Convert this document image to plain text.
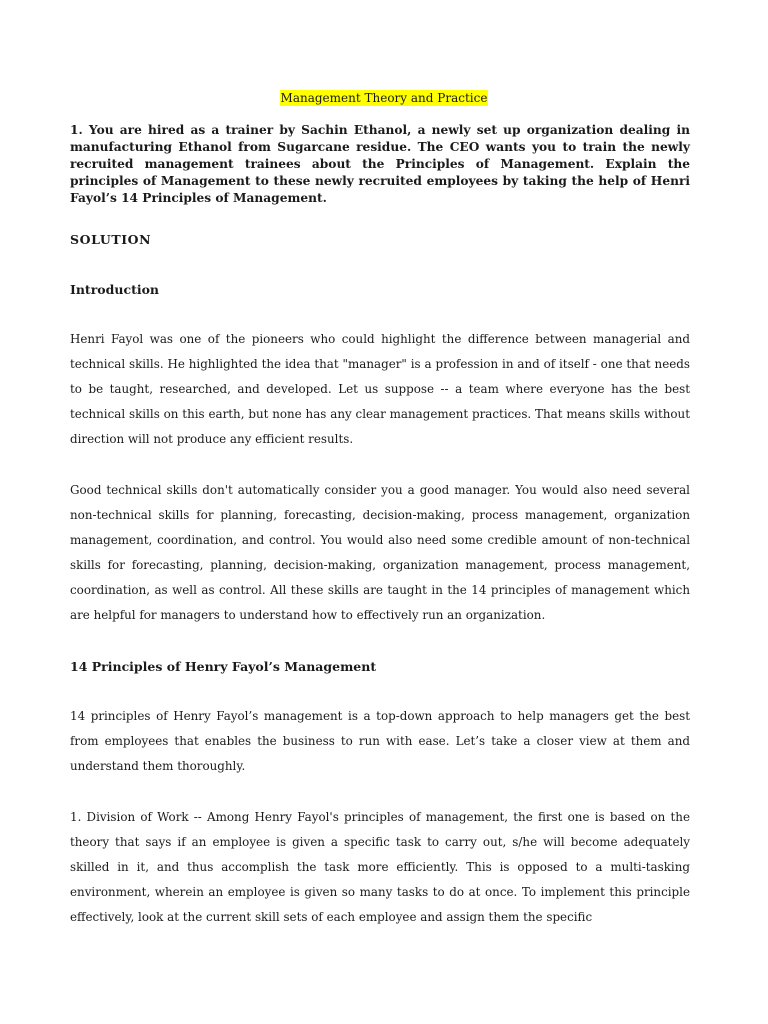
Management Theory and Practice

1. You are hired as a trainer by Sachin Ethanol, a newly set up organization dealing in manufacturing Ethanol from Sugarcane residue. The CEO wants you to train the newly recruited management trainees about the Principles of Management. Explain the principles of Management to these newly recruited employees by taking the help of Henri Fayol’s 14 Principles of Management.

SOLUTION

Introduction

Henri Fayol was one of the pioneers who could highlight the difference between managerial and technical skills. He highlighted the idea that "manager" is a profession in and of itself - one that needs to be taught, researched, and developed. Let us suppose -- a team where everyone has the best technical skills on this earth, but none has any clear management practices. That means skills without direction will not produce any efficient results.

Good technical skills don't automatically consider you a good manager. You would also need several non-technical skills for planning, forecasting, decision-making, process management, organization management, coordination, and control. You would also need some credible amount of non-technical skills for forecasting, planning, decision-making, organization management, process management, coordination, as well as control. All these skills are taught in the 14 principles of management which are helpful for managers to understand how to effectively run an organization.

14 Principles of Henry Fayol’s Management

14 principles of Henry Fayol’s management is a top-down approach to help managers get the best from employees that enables the business to run with ease. Let’s take a closer view at them and understand them thoroughly.

1. Division of Work -- Among Henry Fayol's principles of management, the first one is based on the theory that says if an employee is given a specific task to carry out, s/he will become adequately skilled in it, and thus accomplish the task more efficiently. This is opposed to a multi-tasking environment, wherein an employee is given so many tasks to do at once. To implement this principle effectively, look at the current skill sets of each employee and assign them the specific
